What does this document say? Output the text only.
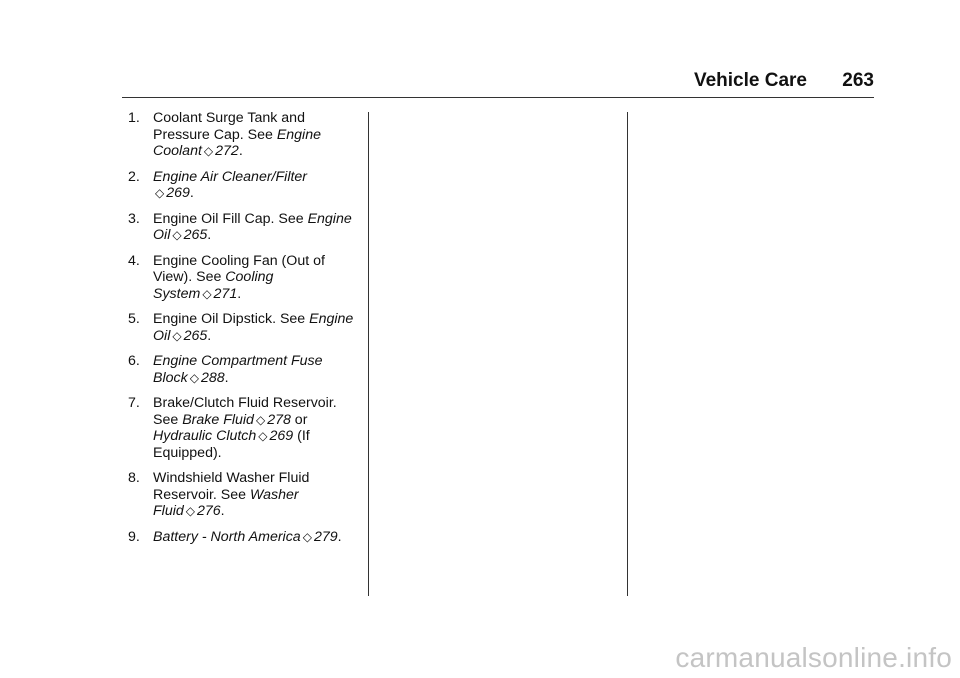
Vehicle Care 263
1. Coolant Surge Tank and Pressure Cap. See Engine Coolant ◇ 272.
2. Engine Air Cleaner/Filter
◇ 269.
3. Engine Oil Fill Cap. See Engine Oil ◇ 265.
4. Engine Cooling Fan (Out of View). See Cooling System ◇ 271.
5. Engine Oil Dipstick. See Engine Oil ◇ 265.
6. Engine Compartment Fuse
Block ◇ 288.
7. Brake/Clutch Fluid Reservoir. See Brake Fluid ◇ 278 or Hydraulic Clutch ◇ 269 (If Equipped).
8. Windshield Washer Fluid Reservoir. See Washer Fluid ◇ 276.
9. Battery - North America ◇ 279.
carmanualsonline.info
